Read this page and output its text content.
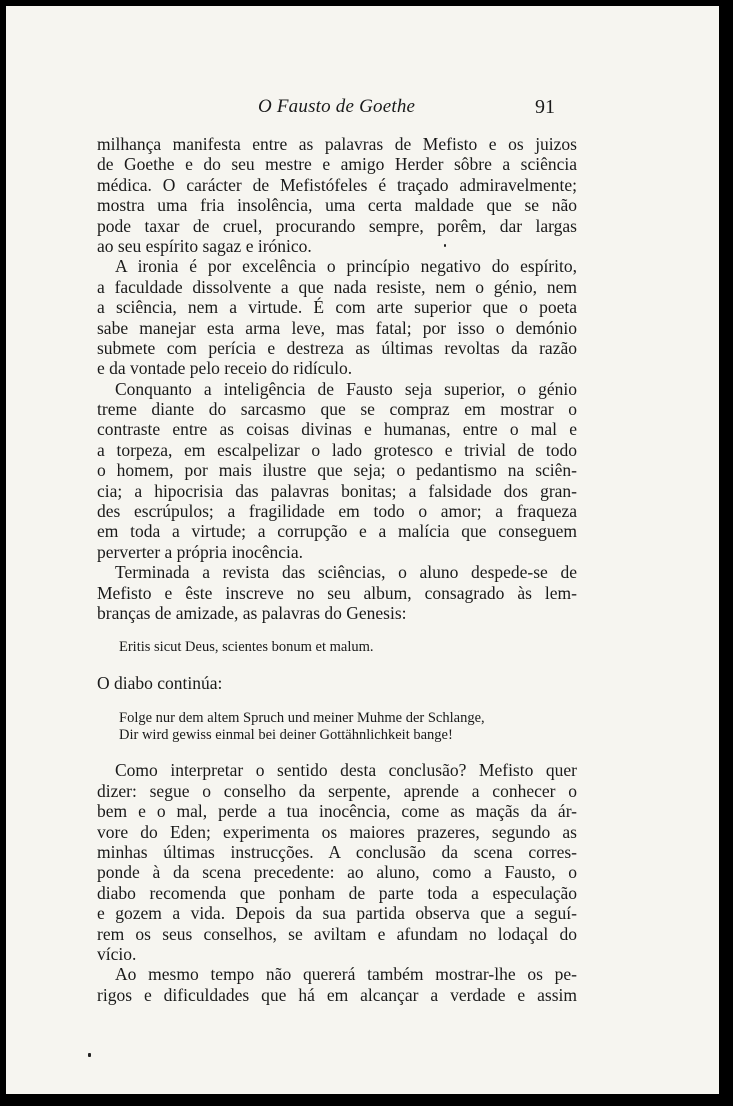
O Fausto de Goethe	91
milhança manifesta entre as palavras de Mefisto e os juizos
de Goethe e do seu mestre e amigo Herder sôbre a sciência
médica. O carácter de Mefistófeles é traçado admiravelmente;
mostra uma fria insolência, uma certa maldade que se não
pode taxar de cruel, procurando sempre, porêm, dar largas
ao seu espírito sagaz e irónico.
A ironia é por excelência o princípio negativo do espírito,
a faculdade dissolvente a que nada resiste, nem o génio, nem
a sciência, nem a virtude. É com arte superior que o poeta
sabe manejar esta arma leve, mas fatal; por isso o demónio
submete com perícia e destreza as últimas revoltas da razão
e da vontade pelo receio do ridículo.
Conquanto a inteligência de Fausto seja superior, o génio
treme diante do sarcasmo que se compraz em mostrar o
contraste entre as coisas divinas e humanas, entre o mal e
a torpeza, em escalpelizar o lado grotesco e trivial de todo
o homem, por mais ilustre que seja; o pedantismo na sciên-
cia; a hipocrisia das palavras bonitas; a falsidade dos gran-
des escrúpulos; a fragilidade em todo o amor; a fraqueza
em toda a virtude; a corrupção e a malícia que conseguem
perverter a própria inocência.
Terminada a revista das sciências, o aluno despede-se de
Mefisto e êste inscreve no seu album, consagrado às lem-
branças de amizade, as palavras do Genesis:
Eritis sicut Deus, scientes bonum et malum.
O diabo continúa:
Folge nur dem altem Spruch und meiner Muhme der Schlange,
Dir wird gewiss einmal bei deiner Gottähnlichkeit bange!
Como interpretar o sentido desta conclusão? Mefisto quer
dizer: segue o conselho da serpente, aprende a conhecer o
bem e o mal, perde a tua inocência, come as maçãs da ár-
vore do Eden; experimenta os maiores prazeres, segundo as
minhas últimas instrucções. A conclusão da scena corres-
ponde à da scena precedente: ao aluno, como a Fausto, o
diabo recomenda que ponham de parte toda a especulação
e gozem a vida. Depois da sua partida observa que a seguí-
rem os seus conselhos, se aviltam e afundam no lodaçal do
vício.
Ao mesmo tempo não quererá também mostrar-lhe os pe-
rigos e dificuldades que há em alcançar a verdade e assim
